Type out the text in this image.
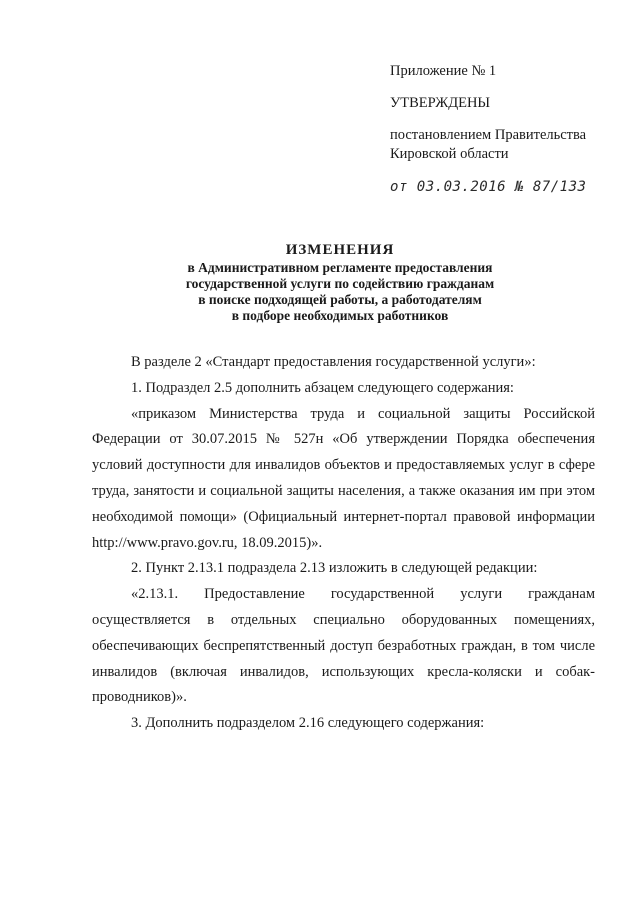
Приложение № 1
УТВЕРЖДЕНЫ
постановлением Правительства
Кировской области
от 03.03.2016 № 87/133
ИЗМЕНЕНИЯ
в Административном регламенте предоставления
государственной услуги по содействию гражданам
в поиске подходящей работы, а работодателям
в подборе необходимых работников

В разделе 2 «Стандарт предоставления государственной услуги»:

1. Подраздел 2.5 дополнить абзацем следующего содержания:

«приказом Министерства труда и социальной защиты Российской Федерации от 30.07.2015 № 527н «Об утверждении Порядка обеспечения условий доступности для инвалидов объектов и предоставляемых услуг в сфере труда, занятости и социальной защиты населения, а также оказания им при этом необходимой помощи» (Официальный интернет-портал правовой информации http://www.pravo.gov.ru, 18.09.2015)».

2. Пункт 2.13.1 подраздела 2.13 изложить в следующей редакции:

«2.13.1. Предоставление государственной услуги гражданам осуществляется в отдельных специально оборудованных помещениях, обеспечивающих беспрепятственный доступ безработных граждан, в том числе инвалидов (включая инвалидов, использующих кресла-коляски и собак-проводников)».

3. Дополнить подразделом 2.16 следующего содержания:
